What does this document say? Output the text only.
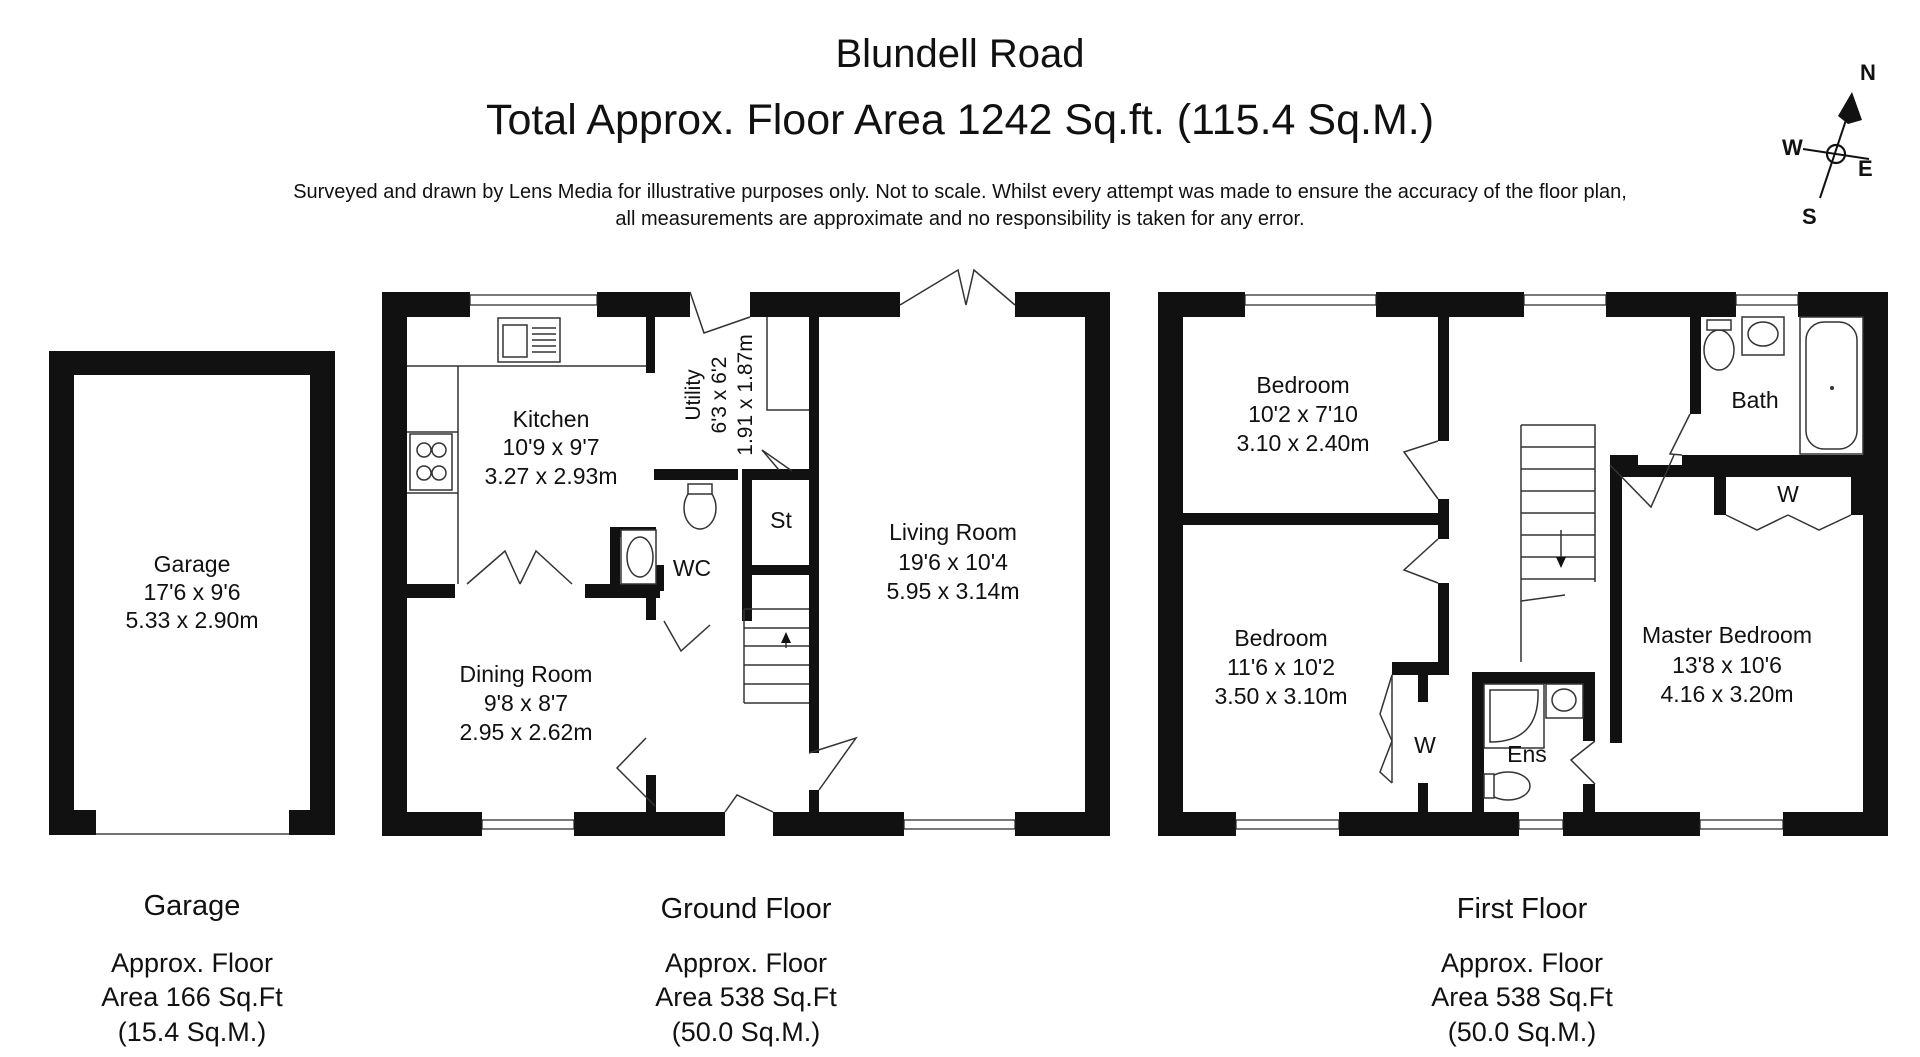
Blundell Road
Total Approx. Floor Area 1242 Sq.ft. (115.4 Sq.M.)
Surveyed and drawn by Lens Media for illustrative purposes only. Not to scale. Whilst every attempt was made to ensure the accuracy of the floor plan,
all measurements are approximate and no responsibility is taken for any error.
N
E
S
W
Garage
17'6 x 9'6
5.33 x 2.90m
Kitchen
10'9 x 9'7
3.27 x 2.93m
Utility 6'3 x 6'2 1.91 x 1.87m
WC
St	Living Room
19'6 x 10'4
5.95 x 3.14m
Dining Room
9'8 x 8'7
2.95 x 2.62m
Bedroom
10'2 x 7'10
3.10 x 2.40m
Bedroom
11'6 x 10'2
3.50 x 3.10m
Bath
W
W	Ens
Master Bedroom
13'8 x 10'6
4.16 x 3.20m
Garage
Approx. Floor
Area 166 Sq.Ft
(15.4 Sq.M.)
Ground Floor
Approx. Floor
Area 538 Sq.Ft
(50.0 Sq.M.)
First Floor
Approx. Floor
Area 538 Sq.Ft
(50.0 Sq.M.)
